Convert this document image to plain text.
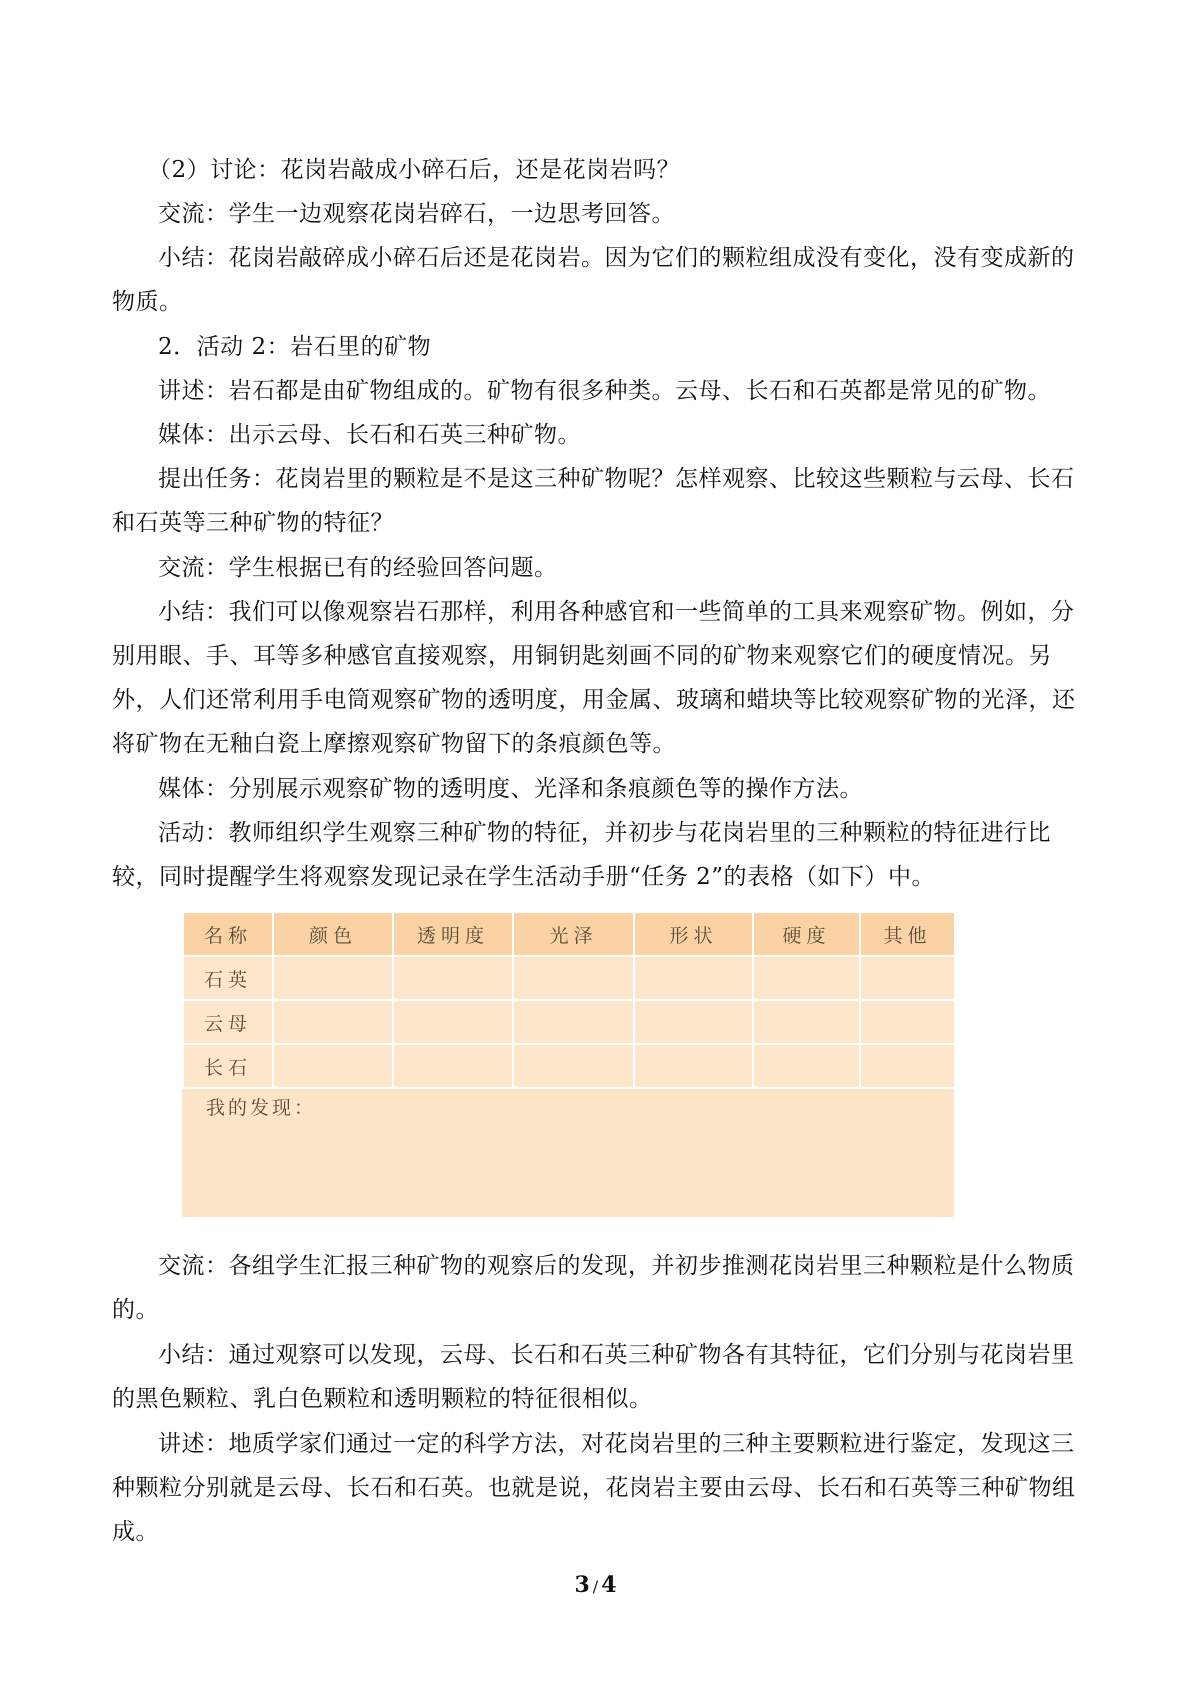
（2）讨论：花岗岩敲成小碎石后，还是花岗岩吗？

交流：学生一边观察花岗岩碎石，一边思考回答。

小结：花岗岩敲碎成小碎石后还是花岗岩。因为它们的颗粒组成没有变化，没有变成新的物质。

2．活动 2：岩石里的矿物

讲述：岩石都是由矿物组成的。矿物有很多种类。云母、长石和石英都是常见的矿物。

媒体：出示云母、长石和石英三种矿物。

提出任务：花岗岩里的颗粒是不是这三种矿物呢？怎样观察、比较这些颗粒与云母、长石和石英等三种矿物的特征？

交流：学生根据已有的经验回答问题。

小结：我们可以像观察岩石那样，利用各种感官和一些简单的工具来观察矿物。例如，分别用眼、手、耳等多种感官直接观察，用铜钥匙刻画不同的矿物来观察它们的硬度情况。另外，人们还常利用手电筒观察矿物的透明度，用金属、玻璃和蜡块等比较观察矿物的光泽，还将矿物在无釉白瓷上摩擦观察矿物留下的条痕颜色等。

媒体：分别展示观察矿物的透明度、光泽和条痕颜色等的操作方法。

活动：教师组织学生观察三种矿物的特征，并初步与花岗岩里的三种颗粒的特征进行比较，同时提醒学生将观察发现记录在学生活动手册“任务 2”的表格（如下）中。

名称	颜色	透明度	光泽	形状	硬度	其他
石英						
云母						
长石						
我的发现：

交流：各组学生汇报三种矿物的观察后的发现，并初步推测花岗岩里三种颗粒是什么物质的。

小结：通过观察可以发现，云母、长石和石英三种矿物各有其特征，它们分别与花岗岩里的黑色颗粒、乳白色颗粒和透明颗粒的特征很相似。

讲述：地质学家们通过一定的科学方法，对花岗岩里的三种主要颗粒进行鉴定，发现这三种颗粒分别就是云母、长石和石英。也就是说，花岗岩主要由云母、长石和石英等三种矿物组成。

3 / 4
